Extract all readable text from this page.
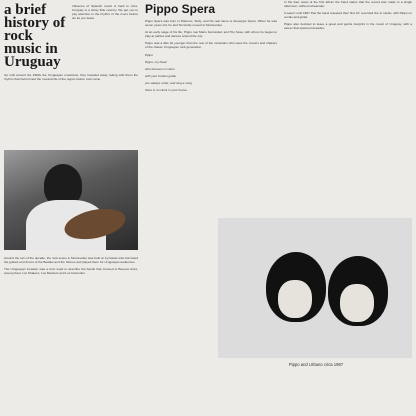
a brief history of rock music in Uruguay

Influence of Spanish music is hard to miss. Uruguay is a sticky little country. We get you to pay attention to the rhythm of the rivers before we let you leave.

Up until around the 1960s the Uruguayan musicians, they travelled away, taking with them the rhythm that had formed the musical life of the region before rock came.

Around the turn of the decade, the rock scene in Montevideo was built on by bands who borrowed the guitars and drums of the Beatles and the Stones and played them for Uruguayan audiences.

The Uruguayan invasion was a term used to describe the bands that crossed to Buenos Aires, among them Los Shakers, Los Mockers and Los Iracundos.

Pippo Spera

Pippo Spera was born in Palermo, Sicily, and his real name is Giuseppe Spera. When he was seven years old, he and his family moved to Montevideo.

At an early stage of his life, Pippo met Mario Fernández and Tito Sosa, with whom he began to play at parties and dances around the city.

Pippo was a little bit younger than the rest of the musicians who were the movers and shakers of the classic Uruguayan rock generation.

Pippo

Pippo, my head

who dresses in colour

with your broken guitar

you always smile, and sing a song

there is no clock in your house.

In the liner notes of the first album the band states that the record was made in a single afternoon, without rehearsals.

It wasn't until 1967 that the band released their first LP, recorded live in studio, with Pippo on vocals and guitar.

Pippo also decided to leave a great and gentle footprint in the music of Uruguay, with a career that spanned decades.

Pippo and Urbano circa 1967
